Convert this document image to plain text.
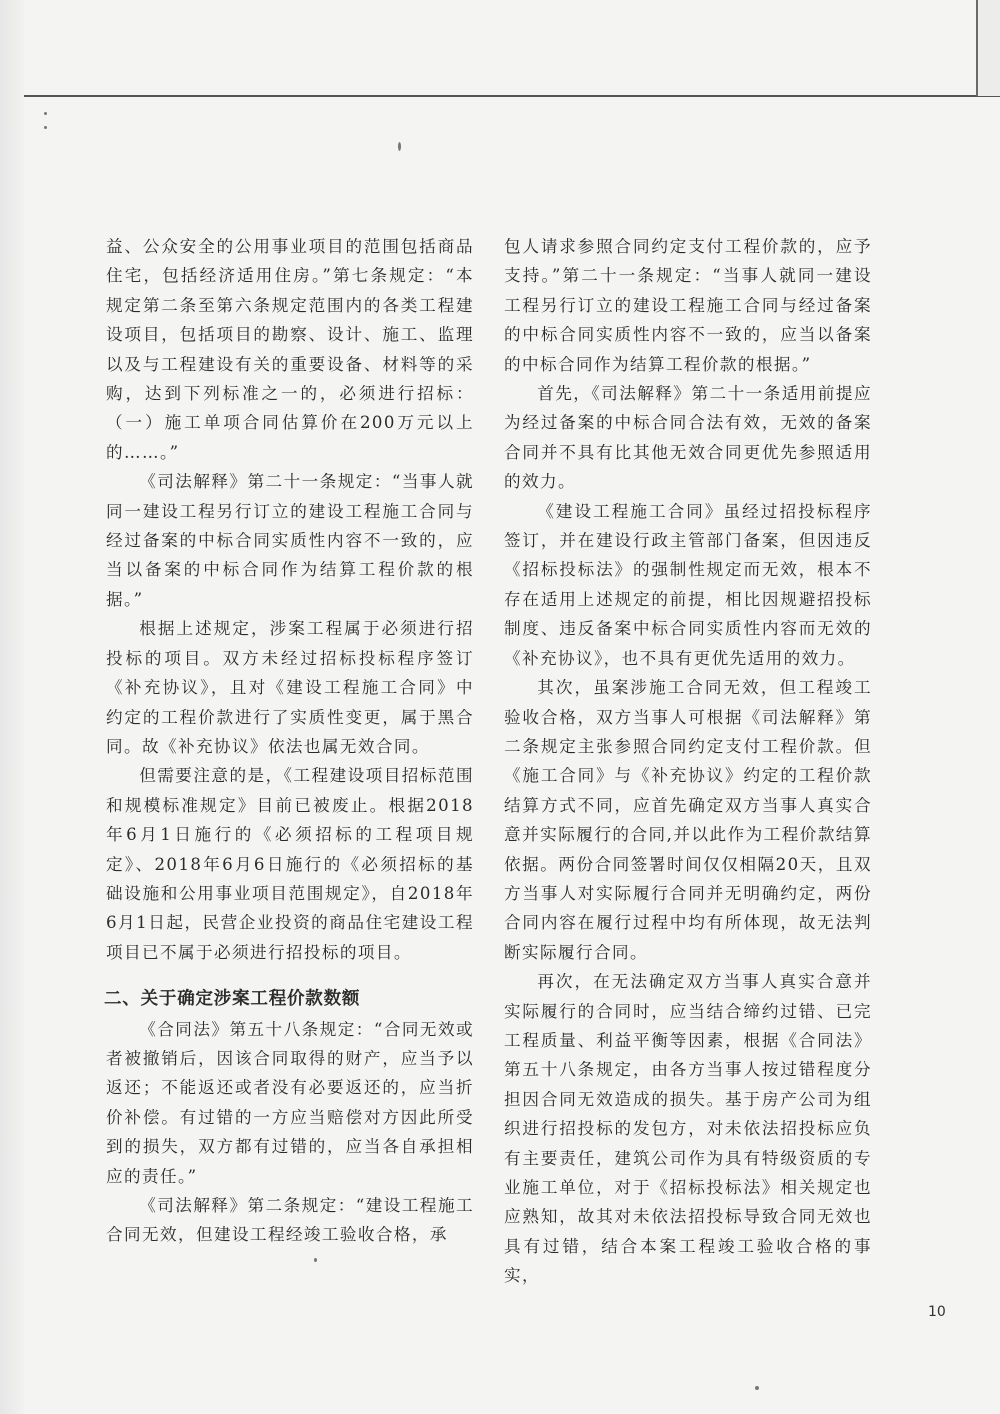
益、公众安全的公用事业项目的范围包括商品住宅，包括经济适用住房。”第七条规定：“本规定第二条至第六条规定范围内的各类工程建设项目，包括项目的勘察、设计、施工、监理以及与工程建设有关的重要设备、材料等的采购，达到下列标准之一的，必须进行招标：（一）施工单项合同估算价在200万元以上的……。”

《司法解释》第二十一条规定：“当事人就同一建设工程另行订立的建设工程施工合同与经过备案的中标合同实质性内容不一致的，应当以备案的中标合同作为结算工程价款的根据。”

根据上述规定，涉案工程属于必须进行招投标的项目。双方未经过招标投标程序签订《补充协议》，且对《建设工程施工合同》中约定的工程价款进行了实质性变更，属于黑合同。故《补充协议》依法也属无效合同。

但需要注意的是，《工程建设项目招标范围和规模标准规定》目前已被废止。根据2018年6月1日施行的《必须招标的工程项目规定》、2018年6月6日施行的《必须招标的基础设施和公用事业项目范围规定》，自2018年6月1日起，民营企业投资的商品住宅建设工程项目已不属于必须进行招投标的项目。

二、关于确定涉案工程价款数额

《合同法》第五十八条规定：“合同无效或者被撤销后，因该合同取得的财产，应当予以返还；不能返还或者没有必要返还的，应当折价补偿。有过错的一方应当赔偿对方因此所受到的损失，双方都有过错的，应当各自承担相应的责任。”

《司法解释》第二条规定：“建设工程施工合同无效，但建设工程经竣工验收合格，承

包人请求参照合同约定支付工程价款的，应予支持。”第二十一条规定：“当事人就同一建设工程另行订立的建设工程施工合同与经过备案的中标合同实质性内容不一致的，应当以备案的中标合同作为结算工程价款的根据。”

首先，《司法解释》第二十一条适用前提应为经过备案的中标合同合法有效，无效的备案合同并不具有比其他无效合同更优先参照适用的效力。

《建设工程施工合同》虽经过招投标程序签订，并在建设行政主管部门备案，但因违反《招标投标法》的强制性规定而无效，根本不存在适用上述规定的前提，相比因规避招投标制度、违反备案中标合同实质性内容而无效的《补充协议》，也不具有更优先适用的效力。

其次，虽案涉施工合同无效，但工程竣工验收合格，双方当事人可根据《司法解释》第二条规定主张参照合同约定支付工程价款。但《施工合同》与《补充协议》约定的工程价款结算方式不同，应首先确定双方当事人真实合意并实际履行的合同,并以此作为工程价款结算依据。两份合同签署时间仅仅相隔20天，且双方当事人对实际履行合同并无明确约定，两份合同内容在履行过程中均有所体现，故无法判断实际履行合同。

再次，在无法确定双方当事人真实合意并实际履行的合同时，应当结合缔约过错、已完工程质量、利益平衡等因素，根据《合同法》第五十八条规定，由各方当事人按过错程度分担因合同无效造成的损失。基于房产公司为组织进行招投标的发包方，对未依法招投标应负有主要责任，建筑公司作为具有特级资质的专业施工单位，对于《招标投标法》相关规定也应熟知，故其对未依法招投标导致合同无效也具有过错，结合本案工程竣工验收合格的事实，

10
